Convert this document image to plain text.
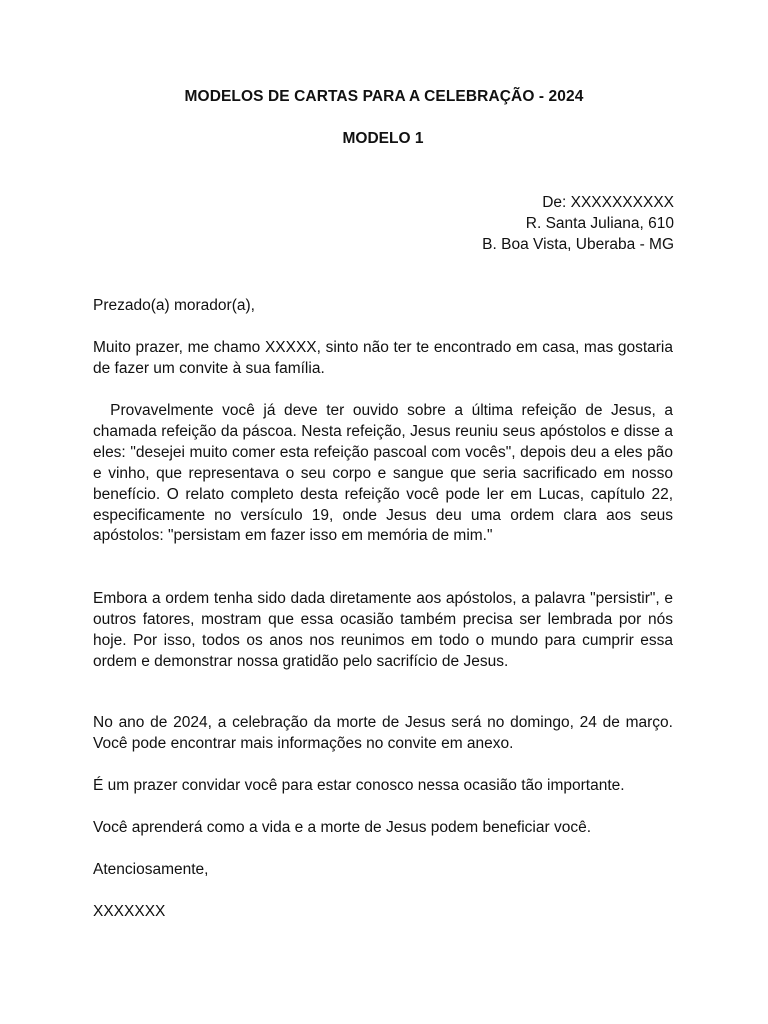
MODELOS DE CARTAS PARA A CELEBRAÇÃO - 2024
MODELO 1
De: XXXXXXXXXX
R. Santa Juliana, 610
B. Boa Vista, Uberaba - MG
Prezado(a) morador(a),
Muito prazer, me chamo XXXXX, sinto não ter te encontrado em casa, mas gostaria de fazer um convite à sua família.
Provavelmente você já deve ter ouvido sobre a última refeição de Jesus, a chamada refeição da páscoa. Nesta refeição, Jesus reuniu seus apóstolos e disse a eles: "desejei muito comer esta refeição pascoal com vocês", depois deu a eles pão e vinho, que representava o seu corpo e sangue que seria sacrificado em nosso benefício. O relato completo desta refeição você pode ler em Lucas, capítulo 22, especificamente no versículo 19, onde Jesus deu uma ordem clara aos seus apóstolos: "persistam em fazer isso em memória de mim."
Embora a ordem tenha sido dada diretamente aos apóstolos, a palavra "persistir", e outros fatores, mostram que essa ocasião também precisa ser lembrada por nós hoje. Por isso, todos os anos nos reunimos em todo o mundo para cumprir essa ordem e demonstrar nossa gratidão pelo sacrifício de Jesus.
No ano de 2024, a celebração da morte de Jesus será no domingo, 24 de março. Você pode encontrar mais informações no convite em anexo.
É um prazer convidar você para estar conosco nessa ocasião tão importante.
Você aprenderá como a vida e a morte de Jesus podem beneficiar você.
Atenciosamente,
XXXXXXX
